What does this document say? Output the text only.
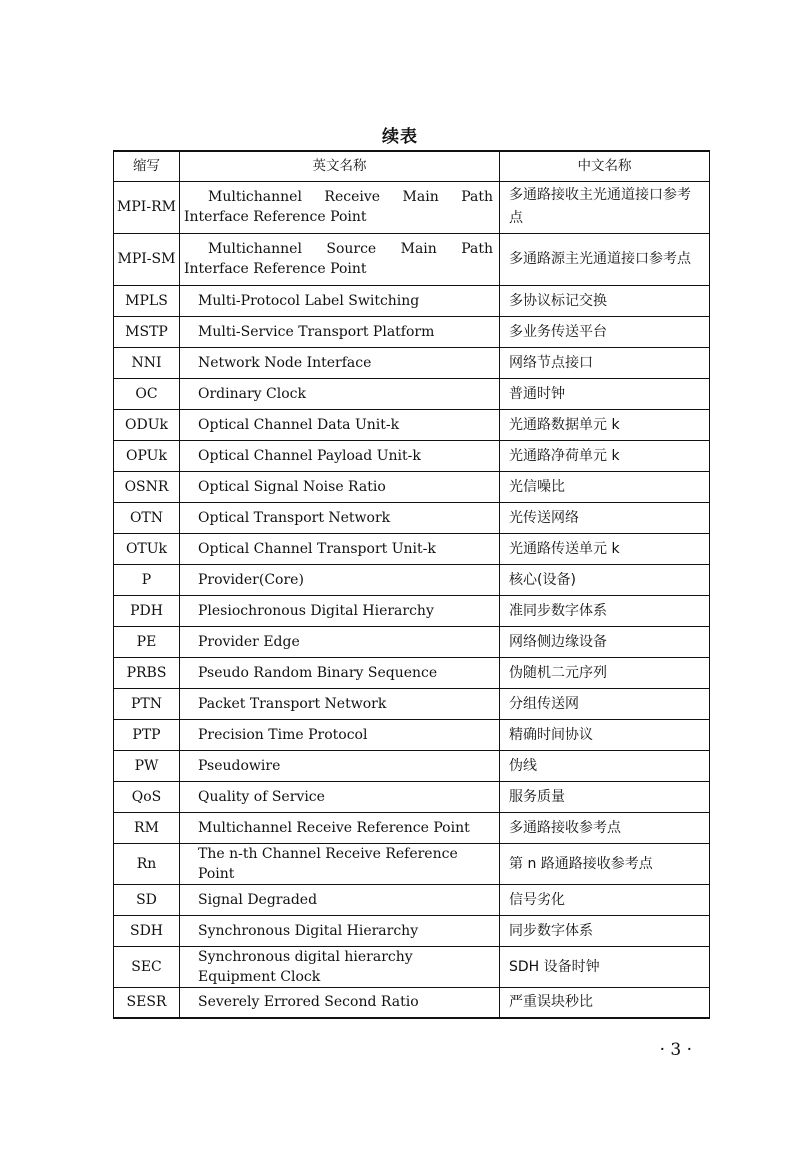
续表
缩写	英文名称	中文名称
MPI-RM	Multichannel Receive Main Path Interface Reference Point	多通路接收主光通道接口参考点
MPI-SM	Multichannel Source Main Path Interface Reference Point	多通路源主光通道接口参考点
MPLS	Multi-Protocol Label Switching	多协议标记交换
MSTP	Multi-Service Transport Platform	多业务传送平台
NNI	Network Node Interface	网络节点接口
OC	Ordinary Clock	普通时钟
ODUk	Optical Channel Data Unit-k	光通路数据单元 k
OPUk	Optical Channel Payload Unit-k	光通路净荷单元 k
OSNR	Optical Signal Noise Ratio	光信噪比
OTN	Optical Transport Network	光传送网络
OTUk	Optical Channel Transport Unit-k	光通路传送单元 k
P	Provider(Core)	核心(设备)
PDH	Plesiochronous Digital Hierarchy	准同步数字体系
PE	Provider Edge	网络侧边缘设备
PRBS	Pseudo Random Binary Sequence	伪随机二元序列
PTN	Packet Transport Network	分组传送网
PTP	Precision Time Protocol	精确时间协议
PW	Pseudowire	伪线
QoS	Quality of Service	服务质量
RM	Multichannel Receive Reference Point	多通路接收参考点
Rn	The n-th Channel Receive Reference Point	第 n 路通路接收参考点
SD	Signal Degraded	信号劣化
SDH	Synchronous Digital Hierarchy	同步数字体系
SEC	Synchronous digital hierarchy Equipment Clock	SDH 设备时钟
SESR	Severely Errored Second Ratio	严重误块秒比
· 3 ·
